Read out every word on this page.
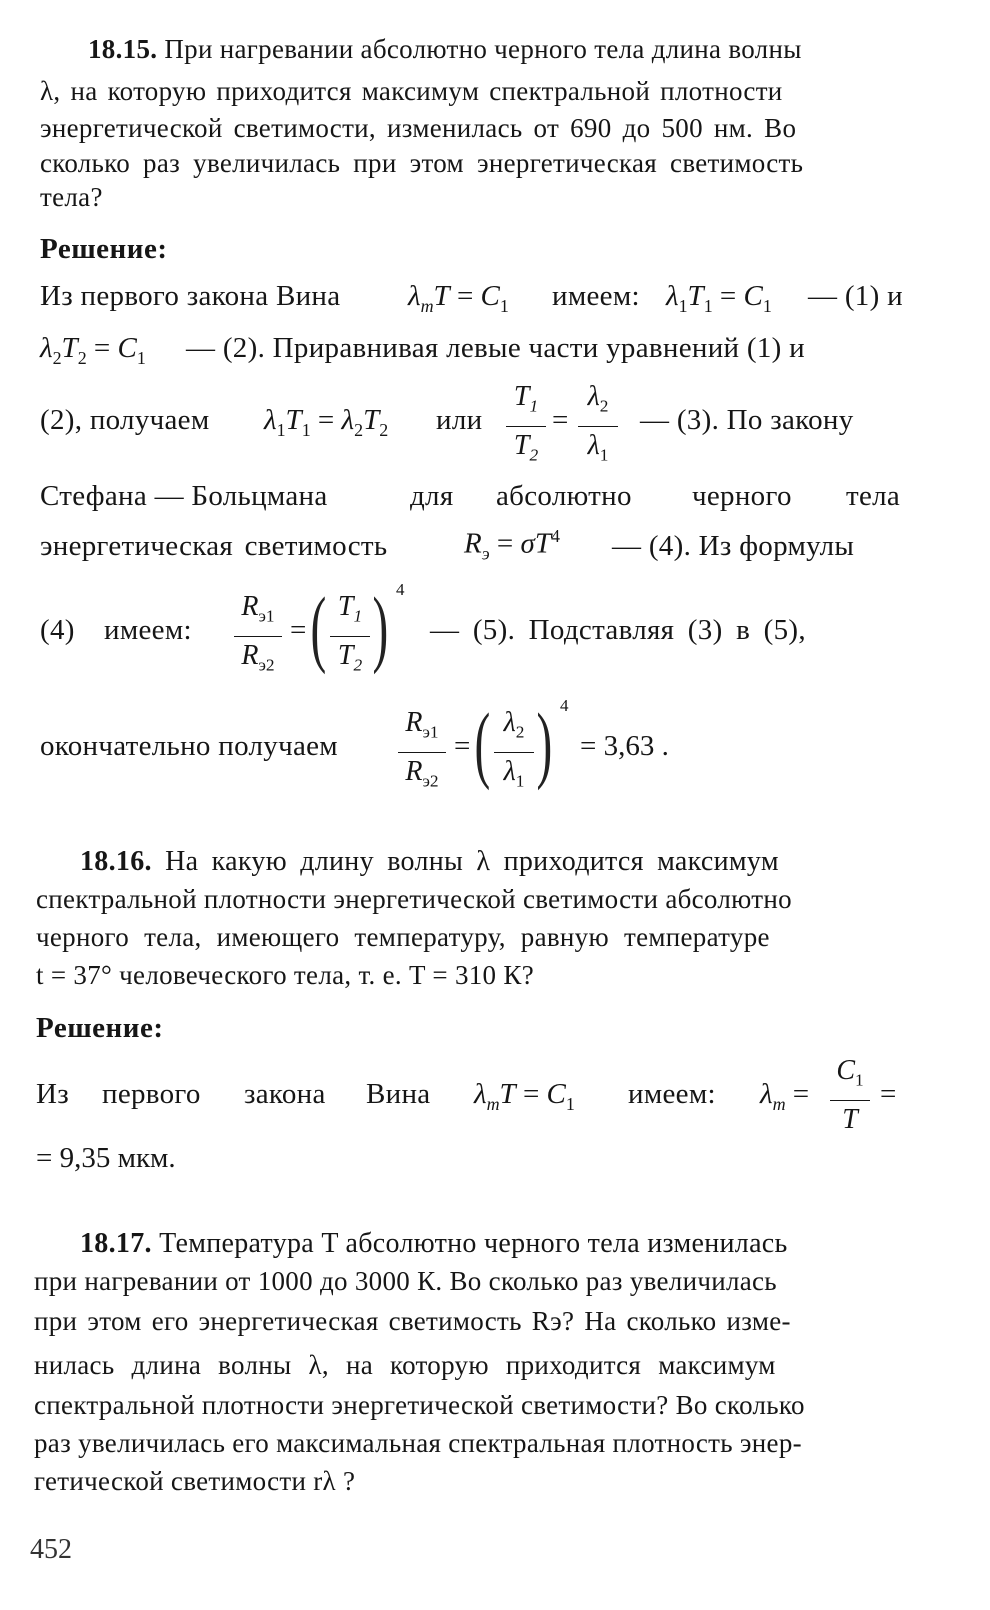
18.15. При нагревании абсолютно черного тела длина волны
λ, на которую приходится максимум спектральной плотности
энергетической светимости, изменилась от 690 до 500 нм. Во
сколько раз увеличилась при этом энергетическая светимость
тела?
Решение:
Из первого закона Вина $\lambda_mT = C_1$ имеем: $\lambda_1T_1 = C_1$ — (1) и
$\lambda_2T_2 = C_1$ — (2). Приравнивая левые части уравнений (1) и
(2), получаем $\lambda_1T_1 = \lambda_2T_2$ или
$T_1$
$T_2$
=
$\lambda_2$
$\lambda_1$
— (3). По закону
Стефана — Больцмана	для абсолютно черного тела
энергетическая светимость	$R_э = \sigma T^4$ — (4). Из формулы
(4) имеем:
$R_{э1}$
$R_{э2}$
= ( $T_1$
$T_2$ ) 4
— (5). Подставляя (3) в (5),
окончательно получаем
$R_{э1}$
$R_{э2}$
= ( $\lambda_2$
$\lambda_1$ ) 4
= 3,63 .
18.16. На какую длину волны λ приходится максимум
спектральной плотности энергетической светимости абсолютно
черного тела, имеющего температуру, равную температуре
t = 37° человеческого тела, т. е. T = 310 К?
Решение:
Из первого закона Вина $\lambda_mT = C_1$ имеем: $\lambda_m$ =
$C_1$
T
=
= 9,35 мкм.
18.17. Температура T абсолютно черного тела изменилась
при нагревании от 1000 до 3000 К. Во сколько раз увеличилась
при этом его энергетическая светимость Rэ? На сколько изме-
нилась длина волны λ, на которую приходится максимум
спектральной плотности энергетической светимости? Во сколько
раз увеличилась его максимальная спектральная плотность энер-
гетической светимости rλ ?
452
